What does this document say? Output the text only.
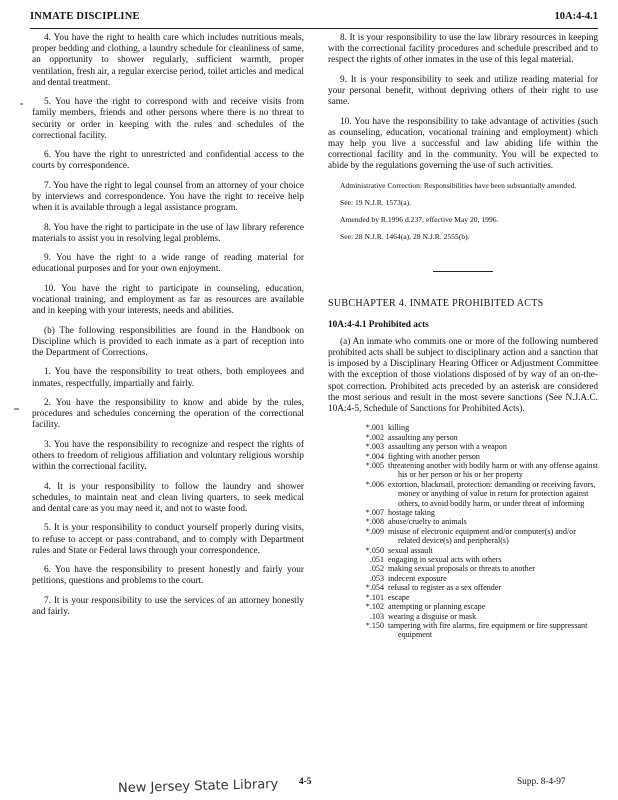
INMATE DISCIPLINE	10A:4-4.1

4. You have the right to health care which includes nutritious meals, proper bedding and clothing, a laundry schedule for cleanliness of same, an opportunity to shower regularly, sufficient warmth, proper ventilation, fresh air, a regular exercise period, toilet articles and medical and dental treatment.

5. You have the right to correspond with and receive visits from family members, friends and other persons where there is no threat to security or order in keeping with the rules and schedules of the correctional facility.

6. You have the right to unrestricted and confidential access to the courts by correspondence.

7. You have the right to legal counsel from an attorney of your choice by interviews and correspondence. You have the right to receive help when it is available through a legal assistance program.

8. You have the right to participate in the use of law library reference materials to assist you in resolving legal problems.

9. You have the right to a wide range of reading material for educational purposes and for your own enjoyment.

10. You have the right to participate in counseling, education, vocational training, and employment as far as resources are available and in keeping with your interests, needs and abilities.

(b) The following responsibilities are found in the Handbook on Discipline which is provided to each inmate as a part of reception into the Department of Corrections.

1. You have the responsibility to treat others, both employees and inmates, respectfully, impartially and fairly.

2. You have the responsibility to know and abide by the rules, procedures and schedules concerning the operation of the correctional facility.

3. You have the responsibility to recognize and respect the rights of others to freedom of religious affiliation and voluntary religious worship within the correctional facility.

4. It is your responsibility to follow the laundry and shower schedules, to maintain neat and clean living quarters, to seek medical and dental care as you may need it, and not to waste food.

5. It is your responsibility to conduct yourself properly during visits, to refuse to accept or pass contraband, and to comply with Department rules and State or Federal laws through your correspondence.

6. You have the responsibility to present honestly and fairly your petitions, questions and problems to the court.

7. It is your responsibility to use the services of an attorney honestly and fairly.

8. It is your responsibility to use the law library resources in keeping with the correctional facility procedures and schedule prescribed and to respect the rights of other inmates in the use of this legal material.

9. It is your responsibility to seek and utilize reading material for your personal benefit, without depriving others of their right to use same.

10. You have the responsibility to take advantage of activities (such as counseling, education, vocational training and employment) which may help you live a successful and law abiding life within the correctional facility and in the community. You will be expected to abide by the regulations governing the use of such activities.

Administrative Correction: Responsibilities have been substantially amended.

See: 19 N.J.R. 1573(a).

Amended by R.1996 d.237, effective May 20, 1996.

See: 28 N.J.R. 1464(a), 28 N.J.R. 2555(b).

SUBCHAPTER 4. INMATE PROHIBITED ACTS
10A:4-4.1 Prohibited acts

(a) An inmate who commits one or more of the following numbered prohibited acts shall be subject to disciplinary action and a sanction that is imposed by a Disciplinary Hearing Officer or Adjustment Committee with the exception of those violations disposed of by way of an on-the-spot correction. Prohibited acts preceded by an asterisk are considered the most serious and result in the most severe sanctions (See N.J.A.C. 10A:4-5, Schedule of Sanctions for Prohibited Acts).

*.001 killing
*.002 assaulting any person
*.003 assaulting any person with a weapon
*.004 fighting with another person
*.005 threatening another with bodily harm or with any offense against his or her person or his or her property
*.006 extortion, blackmail, protection: demanding or receiving favors, money or anything of value in return for protection against others, to avoid bodily harm, or under threat of informing
*.007 hostage taking
*.008 abuse/cruelty to animals
*.009 misuse of electronic equipment and/or computer(s) and/or related device(s) and peripheral(s)
*.050 sexual assault
.051 engaging in sexual acts with others
.052 making sexual proposals or threats to another
.053 indecent exposure
*.054 refusal to register as a sex offender
*.101 escape
*.102 attempting or planning escape
.103 wearing a disguise or mask
*.150 tampering with fire alarms, fire equipment or fire suppressant equipment
4-5
New Jersey State Library	Supp. 8-4-97
